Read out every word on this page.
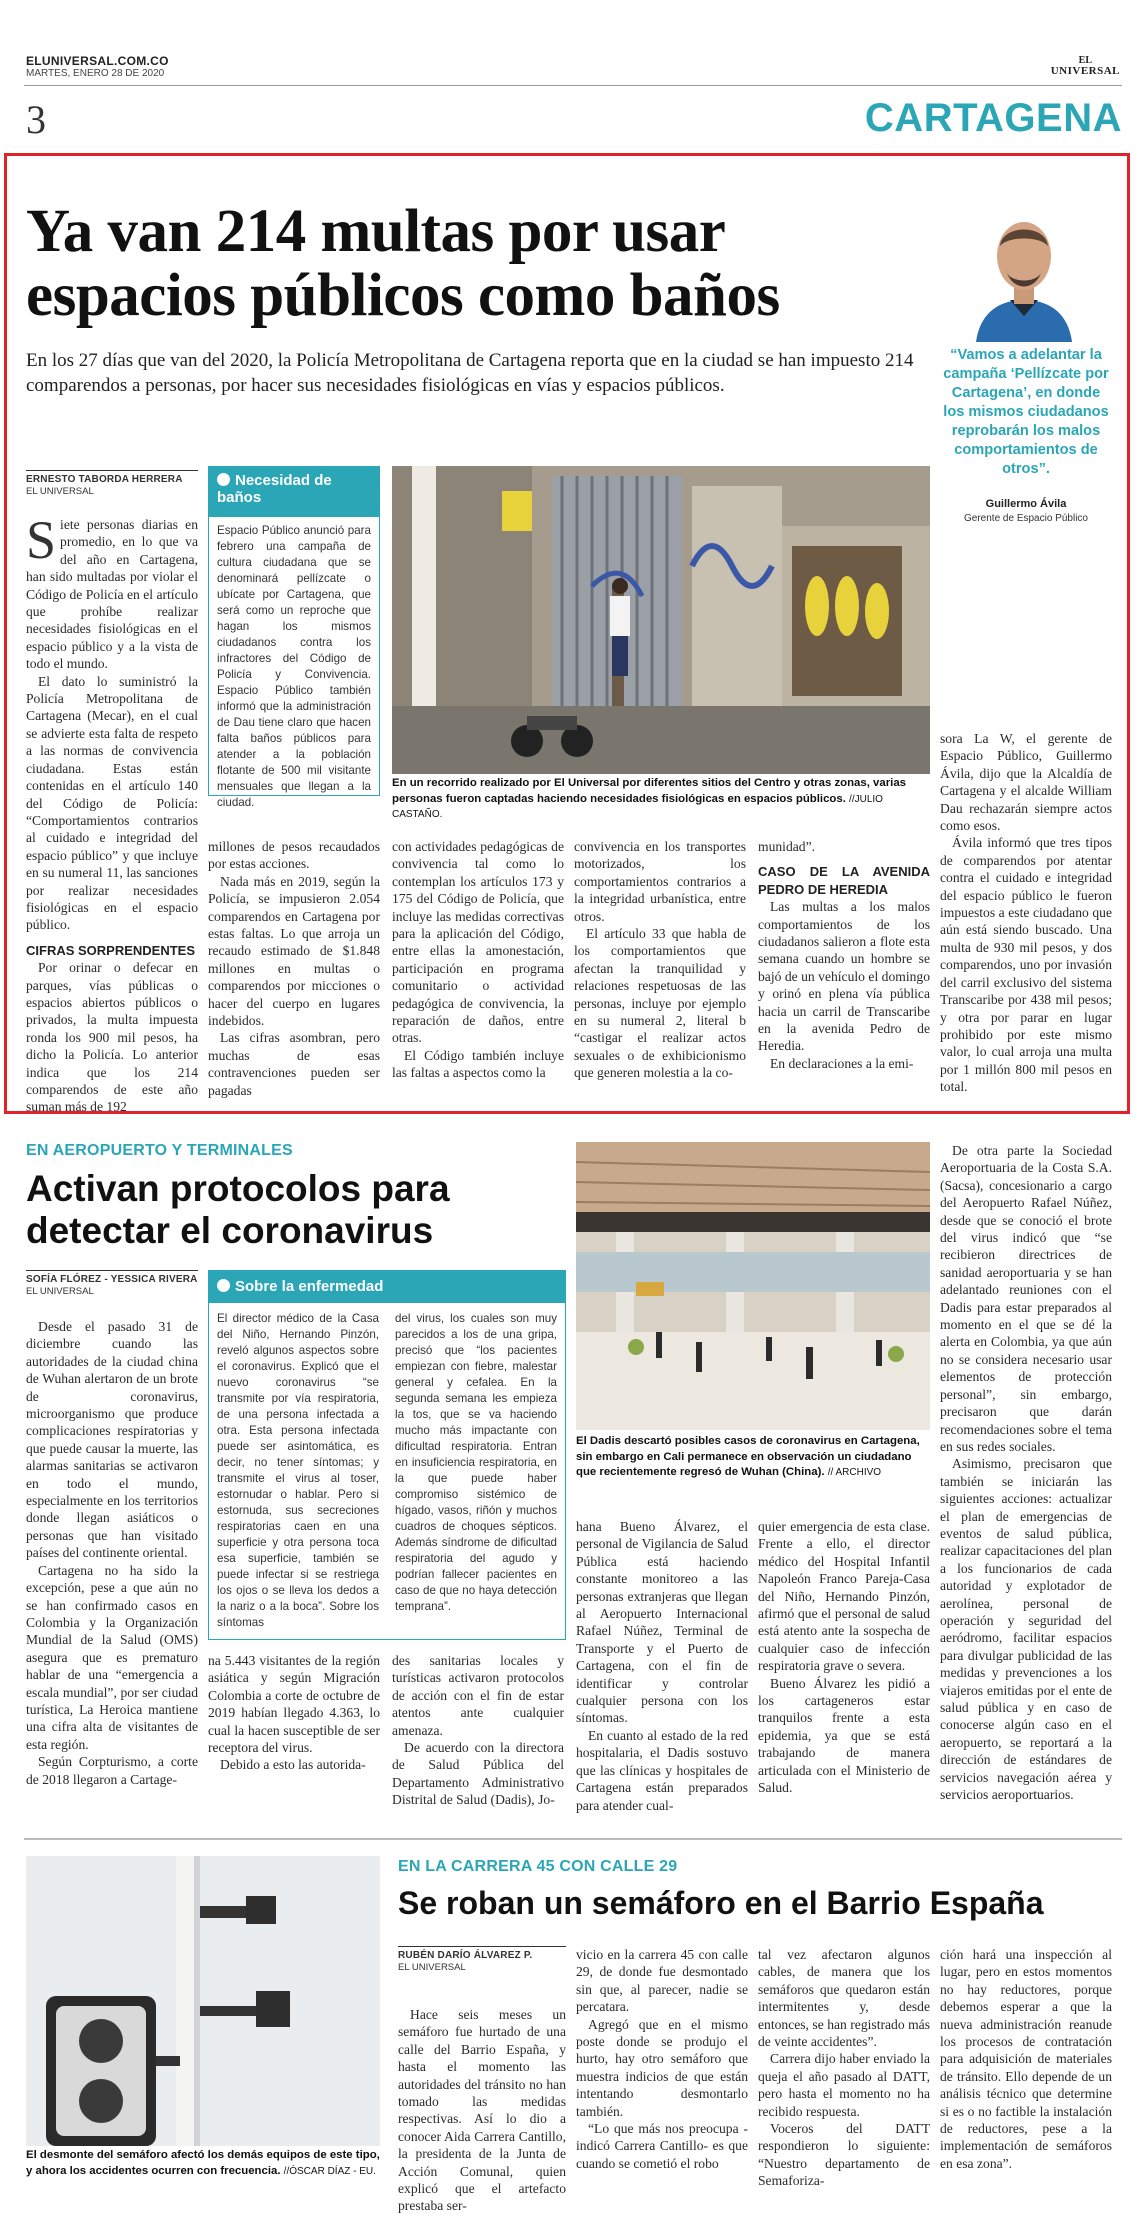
ELUNIVERSAL.COM.CO
MARTES, ENERO 28 DE 2020
EL
UNIVERSAL
3	CARTAGENA
Ya van 214 multas por usar espacios públicos como baños
En los 27 días que van del 2020, la Policía Metropolitana de Cartagena reporta que en la ciudad se han impuesto 214 comparendos a personas, por hacer sus necesidades fisiológicas en vías y espacios públicos.
“Vamos a adelantar la campaña ‘Pellízcate por Cartagena’, en donde los mismos ciudadanos reprobarán los malos comportamientos de otros”.
Guillermo Ávila
Gerente de Espacio Público
ERNESTO TABORDA HERRERA
EL UNIVERSAL
Necesidad de baños
Espacio Público anunció para febrero una campaña de cultura ciudadana que se denominará pellízcate o ubícate por Cartagena, que será como un reproche que hagan los mismos ciudadanos contra los infractores del Código de Policía y Convivencia. Espacio Público también informó que la administración de Dau tiene claro que hacen falta baños públicos para atender a la población flotante de 500 mil visitante mensuales que llegan a la ciudad.
En un recorrido realizado por El Universal por diferentes sitios del Centro y otras zonas, varias personas fueron captadas haciendo necesidades fisiológicas en espacios públicos. //JULIO CASTAÑO.

Siete personas diarias en promedio, en lo que va del año en Cartagena, han sido multadas por violar el Código de Policía en el artículo que prohíbe realizar necesidades fisiológicas en el espacio público y a la vista de todo el mundo.

El dato lo suministró la Policía Metropolitana de Cartagena (Mecar), en el cual se advierte esta falta de respeto a las normas de convivencia ciudadana. Estas están contenidas en el artículo 140 del Código de Policía: “Comportamientos contrarios al cuidado e integridad del espacio público” y que incluye en su numeral 11, las sanciones por realizar necesidades fisiológicas en el espacio público.

CIFRAS SORPRENDENTES

Por orinar o defecar en parques, vías públicas o espacios abiertos públicos o privados, la multa impuesta ronda los 900 mil pesos, ha dicho la Policía. Lo anterior indica que los 214 comparendos de este año suman más de 192

millones de pesos recaudados por estas acciones.

Nada más en 2019, según la Policía, se impusieron 2.054 comparendos en Cartagena por estas faltas. Lo que arroja un recaudo estimado de $1.848 millones en multas o comparendos por micciones o hacer del cuerpo en lugares indebidos.

Las cifras asombran, pero muchas de esas contravenciones pueden ser pagadas

con actividades pedagógicas de convivencia tal como lo contemplan los artículos 173 y 175 del Código de Policía, que incluye las medidas correctivas para la aplicación del Código, entre ellas la amonestación, participación en programa comunitario o actividad pedagógica de convivencia, la reparación de daños, entre otras.

El Código también incluye las faltas a aspectos como la

convivencia en los transportes motorizados, los comportamientos contrarios a la integridad urbanística, entre otros.

El artículo 33 que habla de los comportamientos que afectan la tranquilidad y relaciones respetuosas de las personas, incluye por ejemplo en su numeral 2, literal b “castigar el realizar actos sexuales o de exhibicionismo que generen molestia a la co-

munidad”.

CASO DE LA AVENIDA PEDRO DE HEREDIA

Las multas a los malos comportamientos de los ciudadanos salieron a flote esta semana cuando un hombre se bajó de un vehículo el domingo y orinó en plena vía pública hacia un carril de Transcaribe en la avenida Pedro de Heredia.

En declaraciones a la emi-

sora La W, el gerente de Espacio Público, Guillermo Ávila, dijo que la Alcaldía de Cartagena y el alcalde William Dau rechazarán siempre actos como esos.

Ávila informó que tres tipos de comparendos por atentar contra el cuidado e integridad del espacio público le fueron impuestos a este ciudadano que aún está siendo buscado. Una multa de 930 mil pesos, y dos comparendos, uno por invasión del carril exclusivo del sistema Transcaribe por 438 mil pesos; y otra por parar en lugar prohibido por este mismo valor, lo cual arroja una multa por 1 millón 800 mil pesos en total.

EN AEROPUERTO Y TERMINALES
Activan protocolos para detectar el coronavirus
SOFÍA FLÓREZ - YESSICA RIVERA
EL UNIVERSAL	Sobre la enfermedad
El director médico de la Casa del Niño, Hernando Pinzón, reveló algunos aspectos sobre el coronavirus. Explicó que el nuevo coronavirus “se transmite por vía respiratoria, de una persona infectada a otra. Esta persona infectada puede ser asintomática, es decir, no tener síntomas; y transmite el virus al toser, estornudar o hablar. Pero si estornuda, sus secreciones respiratorias caen en una superficie y otra persona toca esa superficie, también se puede infectar si se restriega los ojos o se lleva los dedos a la nariz o a la boca”. Sobre los síntomas
del virus, los cuales son muy parecidos a los de una gripa, precisó que “los pacientes empiezan con fiebre, malestar general y cefalea. En la segunda semana les empieza la tos, que se va haciendo mucho más impactante con dificultad respiratoria. Entran en insuficiencia respiratoria, en la que puede haber compromiso sistémico de hígado, vasos, riñón y muchos cuadros de choques sépticos. Además síndrome de dificultad respiratoria del agudo y podrían fallecer pacientes en caso de que no haya detección temprana”.
El Dadis descartó posibles casos de coronavirus en Cartagena, sin embargo en Cali permanece en observación un ciudadano que recientemente regresó de Wuhan (China). // ARCHIVO

Desde el pasado 31 de diciembre cuando las autoridades de la ciudad china de Wuhan alertaron de un brote de coronavirus, microorganismo que produce complicaciones respiratorias y que puede causar la muerte, las alarmas sanitarias se activaron en todo el mundo, especialmente en los territorios donde llegan asiáticos o personas que han visitado países del continente oriental.

Cartagena no ha sido la excepción, pese a que aún no se han confirmado casos en Colombia y la Organización Mundial de la Salud (OMS) asegura que es prematuro hablar de una “emergencia a escala mundial”, por ser ciudad turística, La Heroica mantiene una cifra alta de visitantes de esta región.

Según Corpturismo, a corte de 2018 llegaron a Cartage-

na 5.443 visitantes de la región asiática y según Migración Colombia a corte de octubre de 2019 habían llegado 4.363, lo cual la hacen susceptible de ser receptora del virus.

Debido a esto las autorida-

des sanitarias locales y turísticas activaron protocolos de acción con el fin de estar atentos ante cualquier amenaza.

De acuerdo con la directora de Salud Pública del Departamento Administrativo Distrital de Salud (Dadis), Jo-

hana Bueno Álvarez, el personal de Vigilancia de Salud Pública está haciendo constante monitoreo a las personas extranjeras que llegan al Aeropuerto Internacional Rafael Núñez, Terminal de Transporte y el Puerto de Cartagena, con el fin de identificar y controlar cualquier persona con los síntomas.

En cuanto al estado de la red hospitalaria, el Dadis sostuvo que las clínicas y hospitales de Cartagena están preparados para atender cual-

quier emergencia de esta clase. Frente a ello, el director médico del Hospital Infantil Napoleón Franco Pareja-Casa del Niño, Hernando Pinzón, afirmó que el personal de salud está atento ante la sospecha de cualquier caso de infección respiratoria grave o severa.

Bueno Álvarez les pidió a los cartageneros estar tranquilos frente a esta epidemia, ya que se está trabajando de manera articulada con el Ministerio de Salud.

De otra parte la Sociedad Aeroportuaria de la Costa S.A. (Sacsa), concesionario a cargo del Aeropuerto Rafael Núñez, desde que se conoció el brote del virus indicó que “se recibieron directrices de sanidad aeroportuaria y se han adelantado reuniones con el Dadis para estar preparados al momento en el que se dé la alerta en Colombia, ya que aún no se considera necesario usar elementos de protección personal”, sin embargo, precisaron que darán recomendaciones sobre el tema en sus redes sociales.

Asimismo, precisaron que también se iniciarán las siguientes acciones: actualizar el plan de emergencias de eventos de salud pública, realizar capacitaciones del plan a los funcionarios de cada autoridad y explotador de aerolínea, personal de operación y seguridad del aeródromo, facilitar espacios para divulgar publicidad de las medidas y prevenciones a los viajeros emitidas por el ente de salud pública y en caso de conocerse algún caso en el aeropuerto, se reportará a la dirección de estándares de servicios navegación aérea y servicios aeroportuarios.

El desmonte del semáforo afectó los demás equipos de este tipo, y ahora los accidentes ocurren con frecuencia. //ÓSCAR DÍAZ - EU.
EN LA CARRERA 45 CON CALLE 29
Se roban un semáforo en el Barrio España
RUBÉN DARÍO ÁLVAREZ P.
EL UNIVERSAL

Hace seis meses un semáforo fue hurtado de una calle del Barrio España, y hasta el momento las autoridades del tránsito no han tomado las medidas respectivas. Así lo dio a conocer Aida Carrera Cantillo, la presidenta de la Junta de Acción Comunal, quien explicó que el artefacto prestaba ser-

vicio en la carrera 45 con calle 29, de donde fue desmontado sin que, al parecer, nadie se percatara.

Agregó que en el mismo poste donde se produjo el hurto, hay otro semáforo que muestra indicios de que están intentando desmontarlo también.

“Lo que más nos preocupa -indicó Carrera Cantillo- es que cuando se cometió el robo

tal vez afectaron algunos cables, de manera que los semáforos que quedaron están intermitentes y, desde entonces, se han registrado más de veinte accidentes”.

Carrera dijo haber enviado la queja el año pasado al DATT, pero hasta el momento no ha recibido respuesta.

Voceros del DATT respondieron lo siguiente: “Nuestro departamento de Semaforiza-

ción hará una inspección al lugar, pero en estos momentos no hay reductores, porque debemos esperar a que la nueva administración reanude los procesos de contratación para adquisición de materiales de tránsito. Ello depende de un análisis técnico que determine si es o no factible la instalación de reductores, pese a la implementación de semáforos en esa zona”.
